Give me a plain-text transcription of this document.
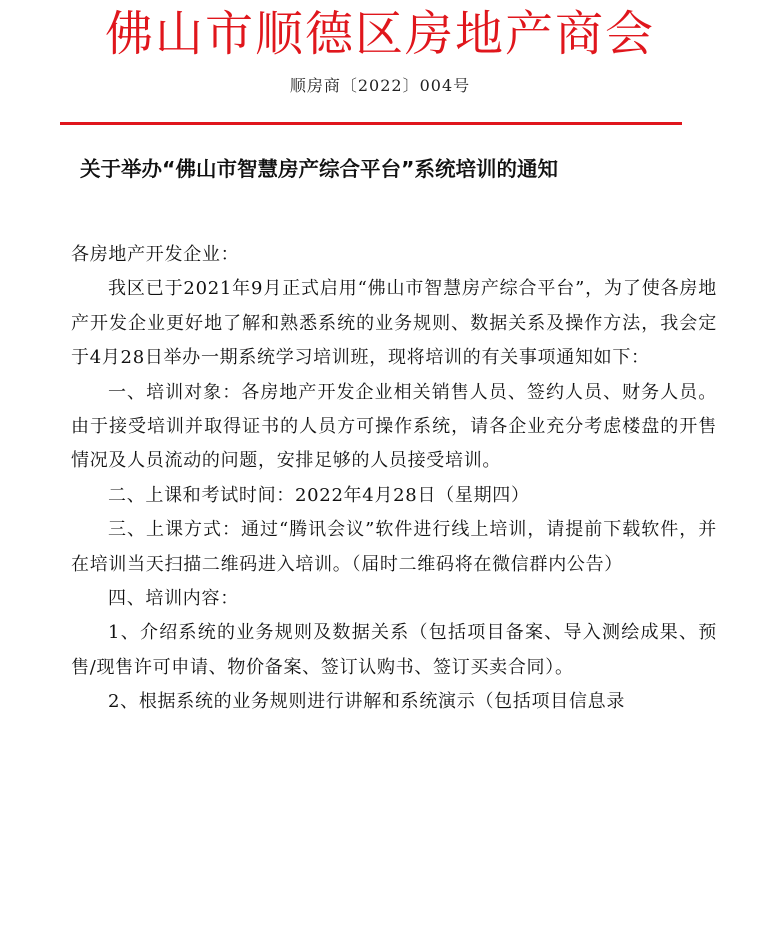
佛山市顺德区房地产商会
顺房商〔2022〕004号
关于举办“佛山市智慧房产综合平台”系统培训的通知

各房地产开发企业：

我区已于2021年9月正式启用“佛山市智慧房产综合平台”，为了使各房地产开发企业更好地了解和熟悉系统的业务规则、数据关系及操作方法，我会定于4月28日举办一期系统学习培训班，现将培训的有关事项通知如下：

一、培训对象：各房地产开发企业相关销售人员、签约人员、财务人员。由于接受培训并取得证书的人员方可操作系统，请各企业充分考虑楼盘的开售情况及人员流动的问题，安排足够的人员接受培训。

二、上课和考试时间：2022年4月28日（星期四）

三、上课方式：通过“腾讯会议”软件进行线上培训，请提前下载软件，并在培训当天扫描二维码进入培训。（届时二维码将在微信群内公告）

四、培训内容：

1、介绍系统的业务规则及数据关系（包括项目备案、导入测绘成果、预售/现售许可申请、物价备案、签订认购书、签订买卖合同）。

2、根据系统的业务规则进行讲解和系统演示（包括项目信息录
